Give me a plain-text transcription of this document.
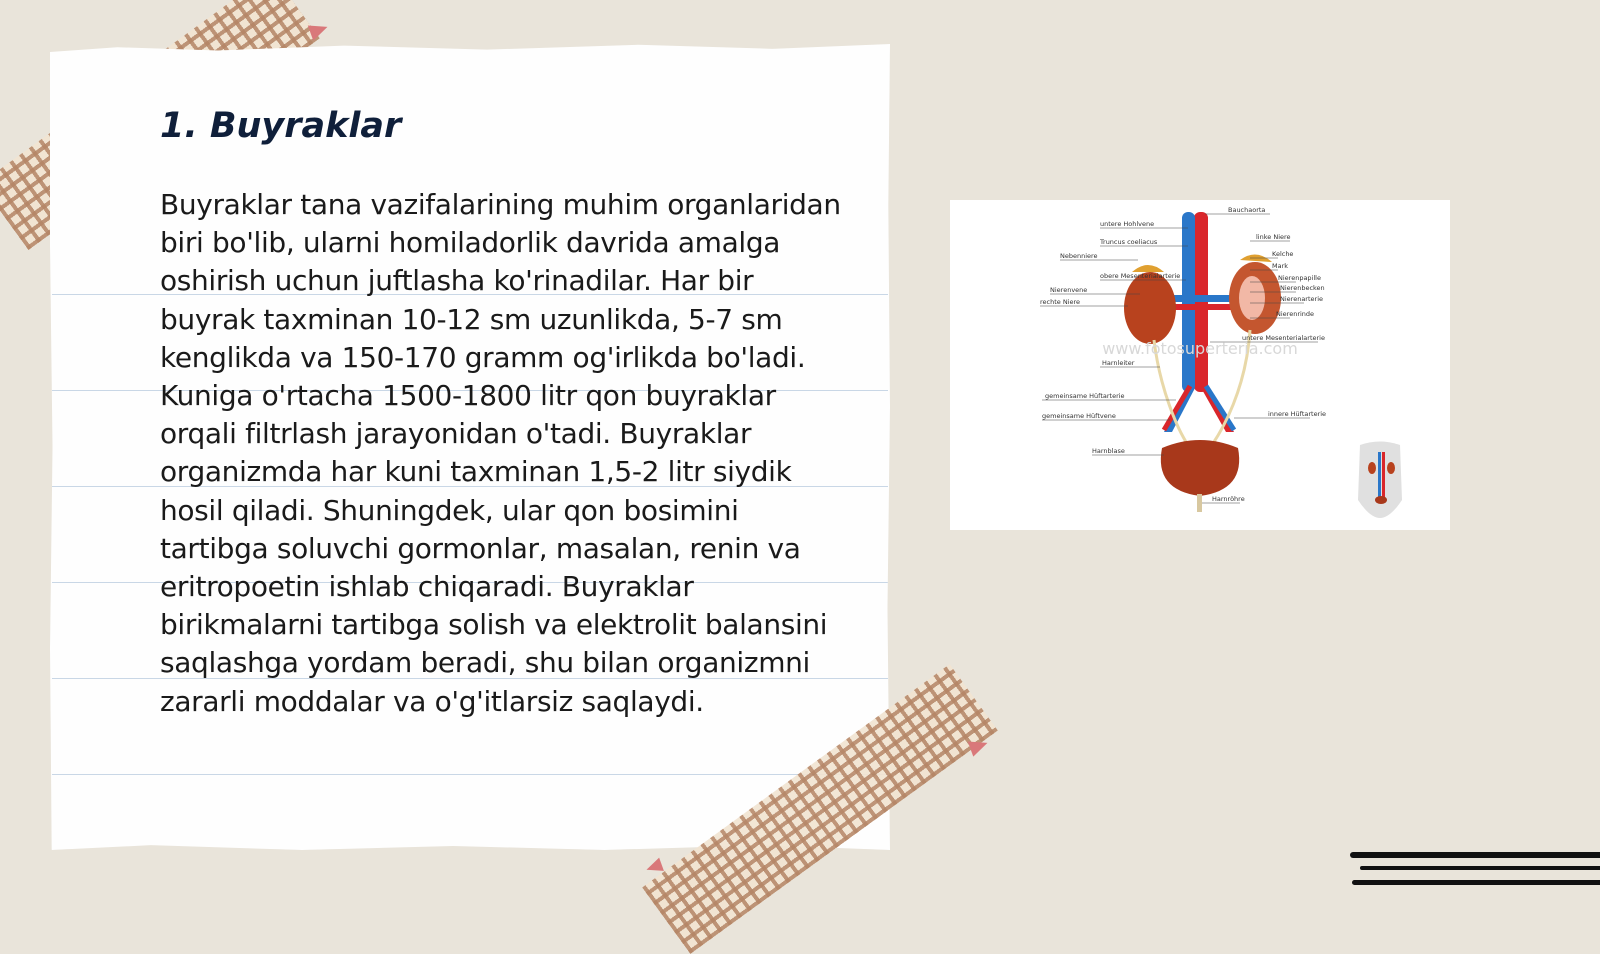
1. Buyraklar

Buyraklar tana vazifalarining muhim organlaridan biri bo'lib, ularni homiladorlik davrida amalga oshirish uchun juftlasha ko'rinadilar. Har bir buyrak taxminan 10-12 sm uzunlikda, 5-7 sm kenglikda va 150-170 gramm og'irlikda bo'ladi. Kuniga o'rtacha 1500-1800 litr qon buyraklar orqali filtrlash jarayonidan o'tadi. Buyraklar organizmda har kuni taxminan 1,5-2 litr siydik hosil qiladi. Shuningdek, ular qon bosimini tartibga soluvchi gormonlar, masalan, renin va eritropoetin ishlab chiqaradi. Buyraklar birikmalarni tartibga solish va elektrolit balansini saqlashga yordam beradi, shu bilan organizmni zararli moddalar va o'g'itlarsiz saqlaydi.

untere Hohlvene
Truncus coeliacus
Nebenniere
obere Mesenterialarterie
Nierenvene
rechte Niere
Harnleiter
gemeinsame Hüftarterie
gemeinsame Hüftvene
Harnblase
Bauchaorta
linke Niere
Kelche
Mark
Nierenpapille
Nierenbecken
Nierenarterie
Nierenrinde
untere Mesenterialarterie
innere Hüftarterie
Harnröhre
www.fotosuperteria.com
